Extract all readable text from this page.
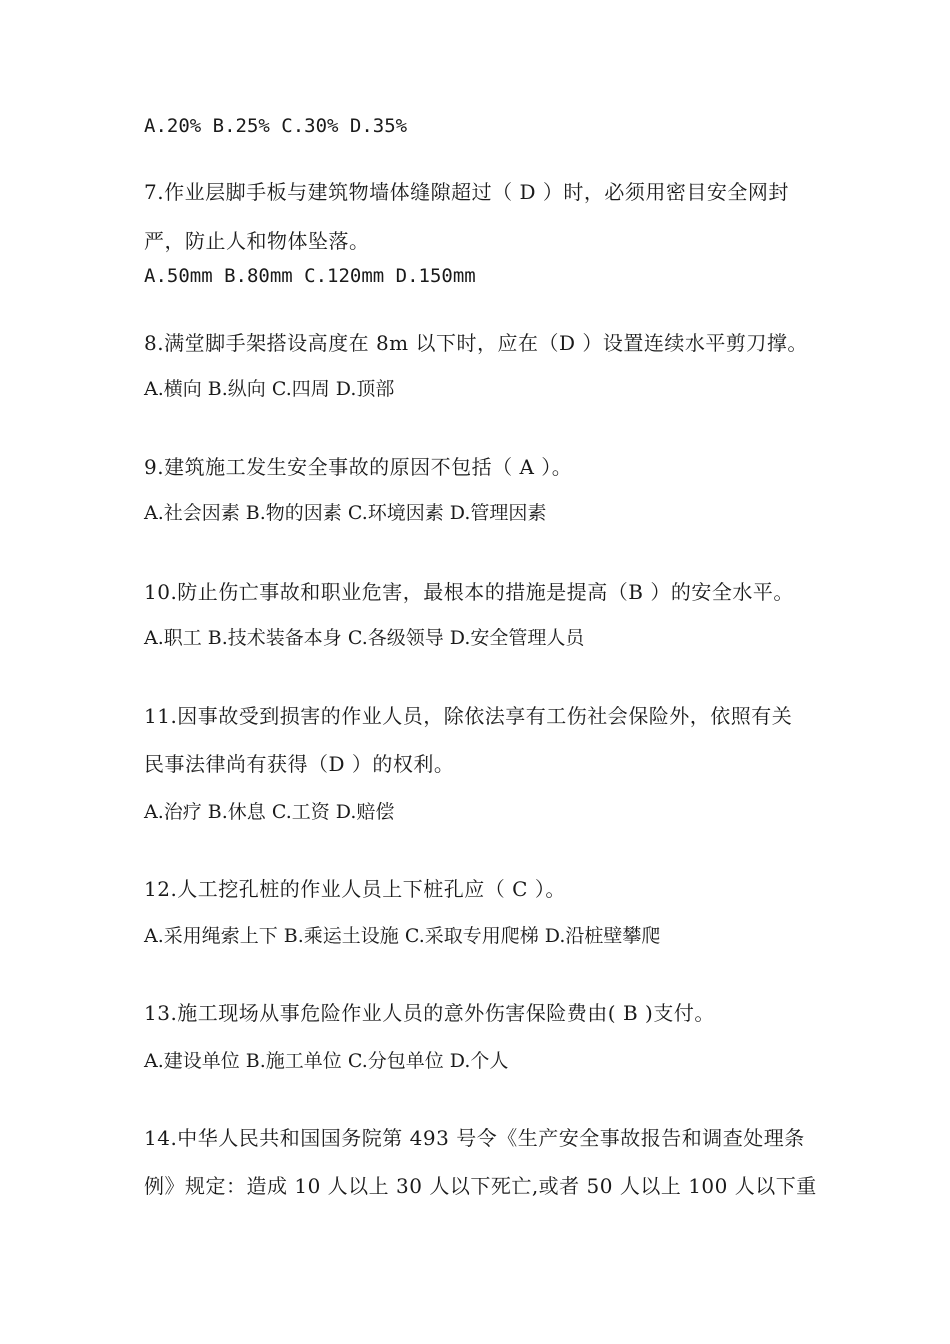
A.20% B.25% C.30% D.35%
7.作业层脚手板与建筑物墙体缝隙超过（ D ）时，必须用密目安全网封
严，防止人和物体坠落。
A.50mm B.80mm C.120mm D.150mm
8.满堂脚手架搭设高度在 8m 以下时，应在（D ）设置连续水平剪刀撑。
A.横向 B.纵向 C.四周 D.顶部
9.建筑施工发生安全事故的原因不包括（ A ）。
A.社会因素 B.物的因素 C.环境因素 D.管理因素
10.防止伤亡事故和职业危害，最根本的措施是提高（B ）的安全水平。
A.职工 B.技术装备本身 C.各级领导 D.安全管理人员
11.因事故受到损害的作业人员，除依法享有工伤社会保险外，依照有关
民事法律尚有获得（D ）的权利。
A.治疗 B.休息 C.工资 D.赔偿
12.人工挖孔桩的作业人员上下桩孔应（ C ）。
A.采用绳索上下 B.乘运土设施 C.采取专用爬梯 D.沿桩壁攀爬
13.施工现场从事危险作业人员的意外伤害保险费由( B )支付。
A.建设单位 B.施工单位 C.分包单位 D.个人
14.中华人民共和国国务院第 493 号令《生产安全事故报告和调查处理条
例》规定：造成 10 人以上 30 人以下死亡,或者 50 人以上 100 人以下重
